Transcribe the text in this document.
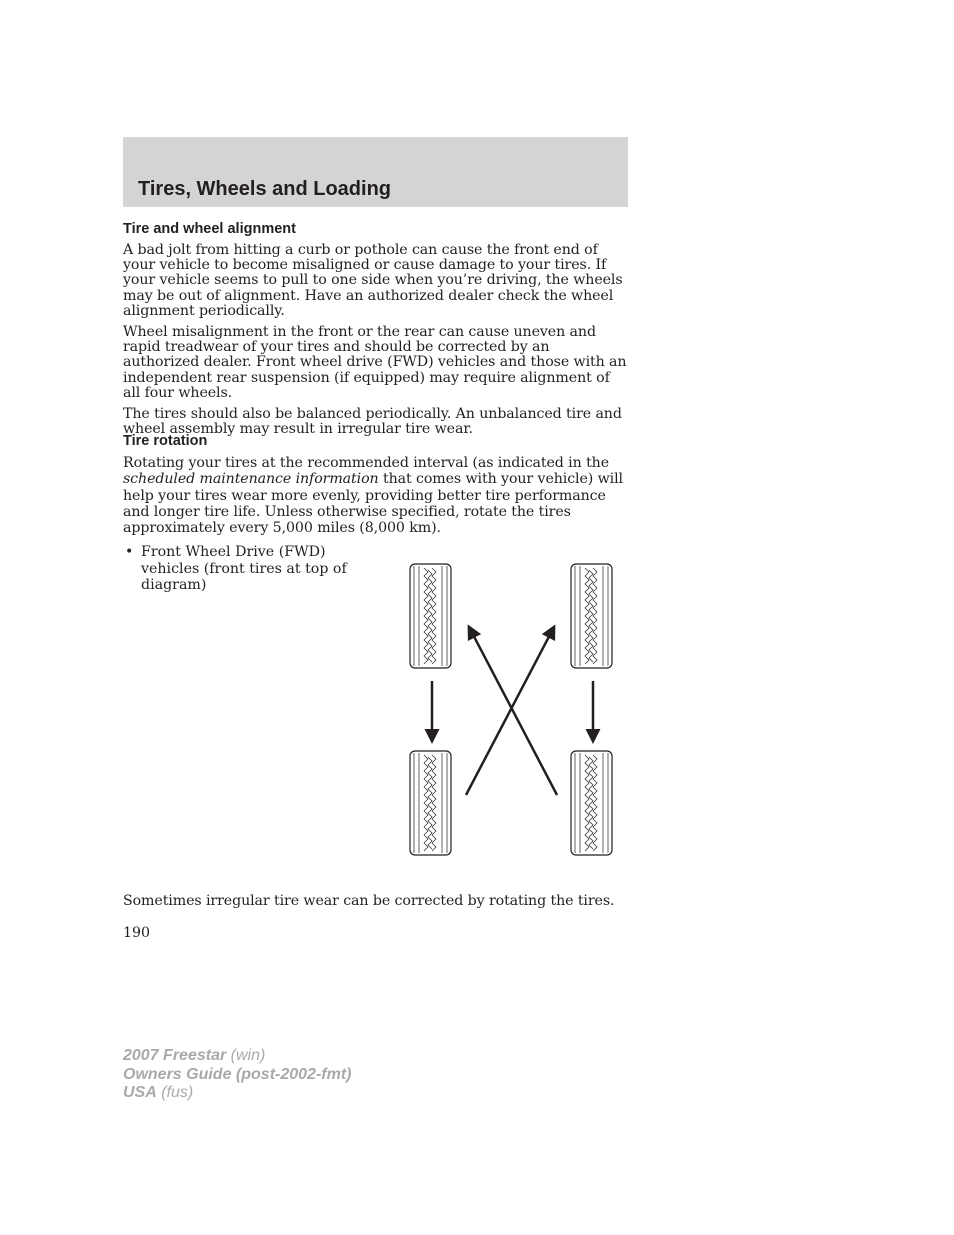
Tires, Wheels and Loading
Tire and wheel alignment

A bad jolt from hitting a curb or pothole can cause the front end of your vehicle to become misaligned or cause damage to your tires. If your vehicle seems to pull to one side when you’re driving, the wheels may be out of alignment. Have an authorized dealer check the wheel alignment periodically.

Wheel misalignment in the front or the rear can cause uneven and rapid treadwear of your tires and should be corrected by an authorized dealer. Front wheel drive (FWD) vehicles and those with an independent rear suspension (if equipped) may require alignment of all four wheels.

The tires should also be balanced periodically. An unbalanced tire and wheel assembly may result in irregular tire wear.

Tire rotation

Rotating your tires at the recommended interval (as indicated in the scheduled maintenance information that comes with your vehicle) will help your tires wear more evenly, providing better tire performance and longer tire life. Unless otherwise specified, rotate the tires approximately every 5,000 miles (8,000 km).

• Front Wheel Drive (FWD) vehicles (front tires at top of diagram)

Sometimes irregular tire wear can be corrected by rotating the tires.

190
2007 Freestar (win)
Owners Guide (post-2002-fmt)
USA (fus)
